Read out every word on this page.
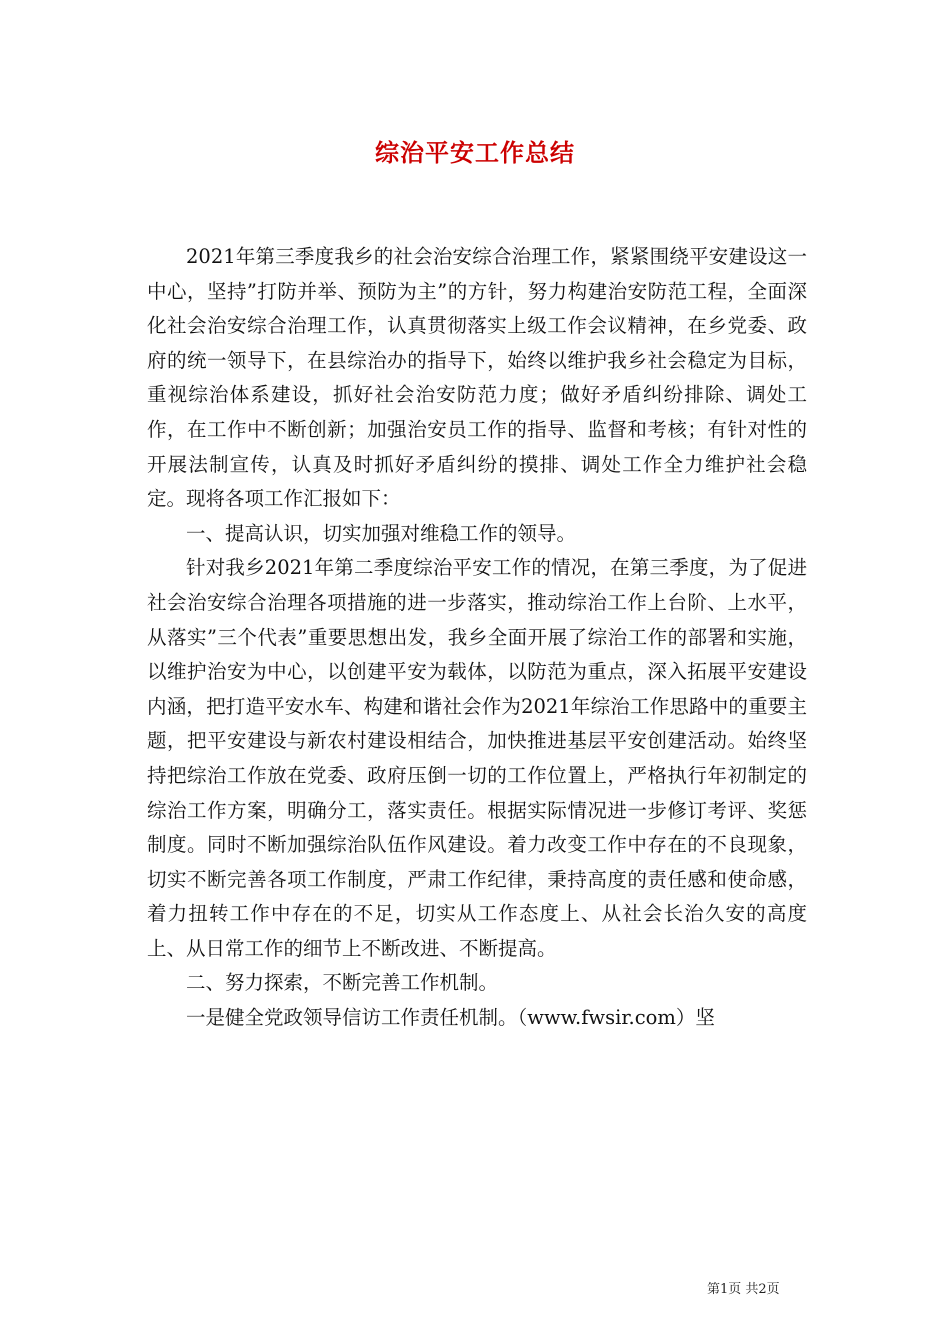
综治平安工作总结

2021年第三季度我乡的社会治安综合治理工作，紧紧围绕平安建设这一中心，坚持”打防并举、预防为主”的方针，努力构建治安防范工程，全面深化社会治安综合治理工作，认真贯彻落实上级工作会议精神，在乡党委、政府的统一领导下，在县综治办的指导下，始终以维护我乡社会稳定为目标，重视综治体系建设，抓好社会治安防范力度；做好矛盾纠纷排除、调处工作，在工作中不断创新；加强治安员工作的指导、监督和考核；有针对性的开展法制宣传，认真及时抓好矛盾纠纷的摸排、调处工作全力维护社会稳定。现将各项工作汇报如下：

一、提高认识，切实加强对维稳工作的领导。

针对我乡2021年第二季度综治平安工作的情况，在第三季度，为了促进社会治安综合治理各项措施的进一步落实，推动综治工作上台阶、上水平，从落实”三个代表”重要思想出发，我乡全面开展了综治工作的部署和实施，以维护治安为中心，以创建平安为载体，以防范为重点，深入拓展平安建设内涵，把打造平安水车、构建和谐社会作为2021年综治工作思路中的重要主题，把平安建设与新农村建设相结合，加快推进基层平安创建活动。始终坚持把综治工作放在党委、政府压倒一切的工作位置上，严格执行年初制定的综治工作方案，明确分工，落实责任。根据实际情况进一步修订考评、奖惩制度。同时不断加强综治队伍作风建设。着力改变工作中存在的不良现象，切实不断完善各项工作制度，严肃工作纪律，秉持高度的责任感和使命感，着力扭转工作中存在的不足，切实从工作态度上、从社会长治久安的高度上、从日常工作的细节上不断改进、不断提高。

二、努力探索，不断完善工作机制。

一是健全党政领导信访工作责任机制。（www.fwsir.com）坚

第1页 共2页
